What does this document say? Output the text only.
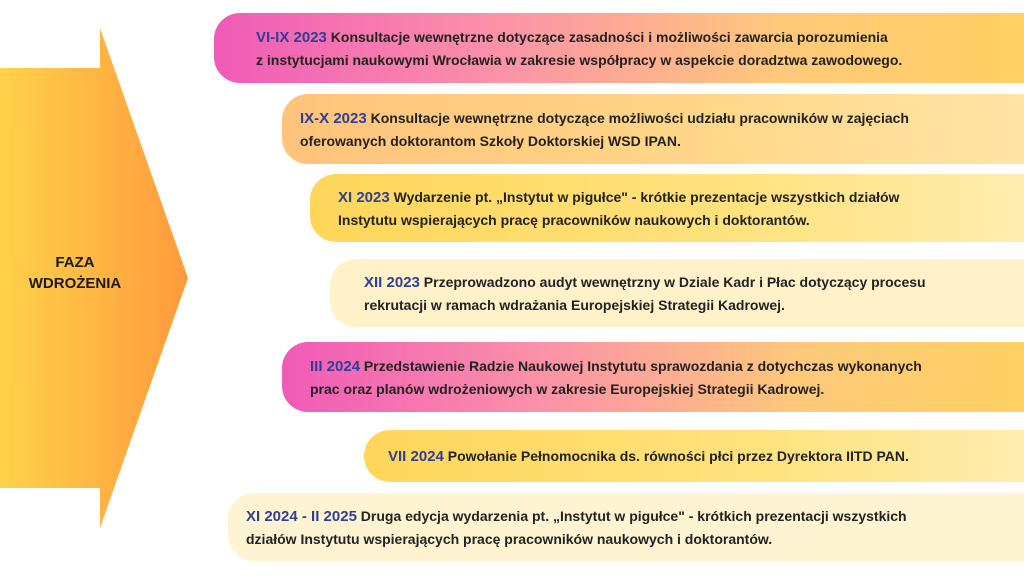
FAZA
WDROŻENIA
VI-IX 2023 Konsultacje wewnętrzne dotyczące zasadności i możliwości zawarcia porozumienia
z instytucjami naukowymi Wrocławia w zakresie współpracy w aspekcie doradztwa zawodowego.
IX-X 2023 Konsultacje wewnętrzne dotyczące możliwości udziału pracowników w zajęciach
oferowanych doktorantom Szkoły Doktorskiej WSD IPAN.
XI 2023 Wydarzenie pt. „Instytut w pigułce" - krótkie prezentacje wszystkich działów
Instytutu wspierających pracę pracowników naukowych i doktorantów.
XII 2023 Przeprowadzono audyt wewnętrzny w Dziale Kadr i Płac dotyczący procesu
rekrutacji w ramach wdrażania Europejskiej Strategii Kadrowej.
III 2024 Przedstawienie Radzie Naukowej Instytutu sprawozdania z dotychczas wykonanych
prac oraz planów wdrożeniowych w zakresie Europejskiej Strategii Kadrowej.
VII 2024 Powołanie Pełnomocnika ds. równości płci przez Dyrektora IITD PAN.
XI 2024 - II 2025 Druga edycja wydarzenia pt. „Instytut w pigułce" - krótkich prezentacji wszystkich
działów Instytutu wspierających pracę pracowników naukowych i doktorantów.
